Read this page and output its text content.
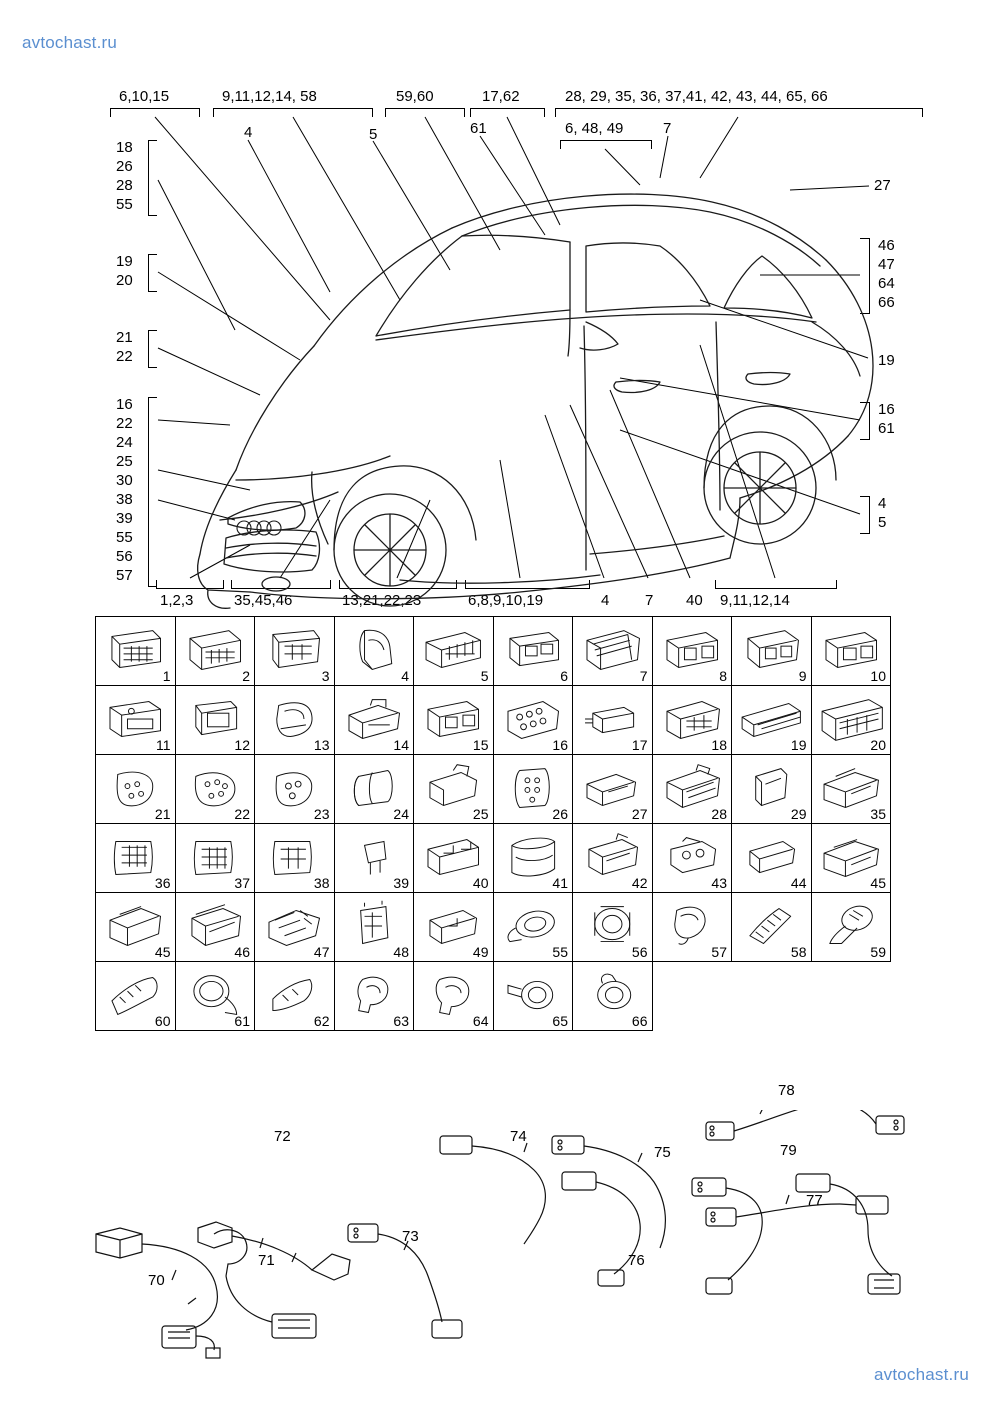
avtochast.ru
avtochast.ru
6,10,15	9,11,12,14, 58	59,60	17,62	28, 29, 35, 36, 37,41, 42, 43, 44, 65, 66
6, 48, 49
4	5	61	7
27
18
26
28
55
19
20
21
22
16
22
24
25
30
38
39
55
56
57
46
47
64
66
19
16
61
4
5
1,2,3	35,45,46	13,21,22,23	6,8,9,10,19	4 7 40 9,11,12,14
1	2	3	4	5	6	7	8	9	10
11	12	13	14	15	16	17	18	19	20
21	22	23	24	25	26	27	28	29	35
36	37	38	39	40	41	42	43	44	45
45	46	47	48	49	55	56	57	58	59
60	61	62	63	64	65	66
70
71
72
73
74
75
76
77
78
79
